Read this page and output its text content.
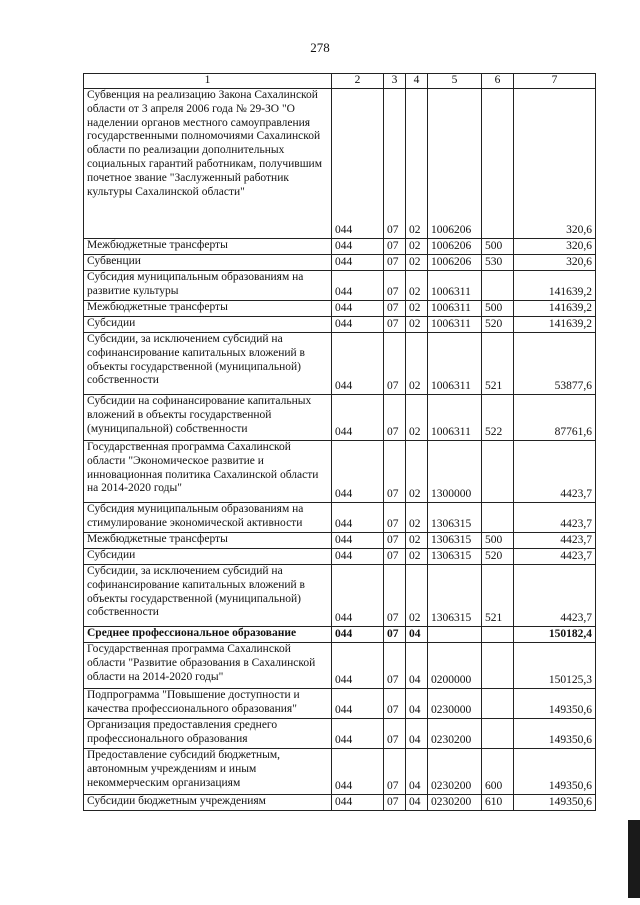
278
1	2	3	4	5	6	7
Субвенция на реализацию Закона Сахалинской области от 3 апреля 2006 года № 29-ЗО "О наделении органов местного самоуправления государственными полномочиями Сахалинской области по реализации дополнительных социальных гарантий работникам, получившим почетное звание "Заслуженный работник культуры Сахалинской области"	044	07	02	1006206		320,6
Межбюджетные трансферты	044	07	02	1006206	500	320,6
Субвенции	044	07	02	1006206	530	320,6
Субсидия муниципальным образованиям на развитие культуры	044	07	02	1006311		141639,2
Межбюджетные трансферты	044	07	02	1006311	500	141639,2
Субсидии	044	07	02	1006311	520	141639,2
Субсидии, за исключением субсидий на софинансирование капитальных вложений в объекты государственной (муниципальной) собственности	044	07	02	1006311	521	53877,6
Субсидии на софинансирование капитальных вложений в объекты государственной (муниципальной) собственности	044	07	02	1006311	522	87761,6
Государственная программа Сахалинской области "Экономическое развитие и инновационная политика Сахалинской области на 2014-2020 годы"	044	07	02	1300000		4423,7
Субсидия муниципальным образованиям на стимулирование экономической активности	044	07	02	1306315		4423,7
Межбюджетные трансферты	044	07	02	1306315	500	4423,7
Субсидии	044	07	02	1306315	520	4423,7
Субсидии, за исключением субсидий на софинансирование капитальных вложений в объекты государственной (муниципальной) собственности	044	07	02	1306315	521	4423,7
Среднее профессиональное образование	044	07	04			150182,4
Государственная программа Сахалинской области "Развитие образования в Сахалинской области на 2014-2020 годы"	044	07	04	0200000		150125,3
Подпрограмма "Повышение доступности и качества профессионального образования"	044	07	04	0230000		149350,6
Организация предоставления среднего профессионального образования	044	07	04	0230200		149350,6
Предоставление субсидий бюджетным, автономным учреждениям и иным некоммерческим организациям	044	07	04	0230200	600	149350,6
Субсидии бюджетным учреждениям	044	07	04	0230200	610	149350,6
